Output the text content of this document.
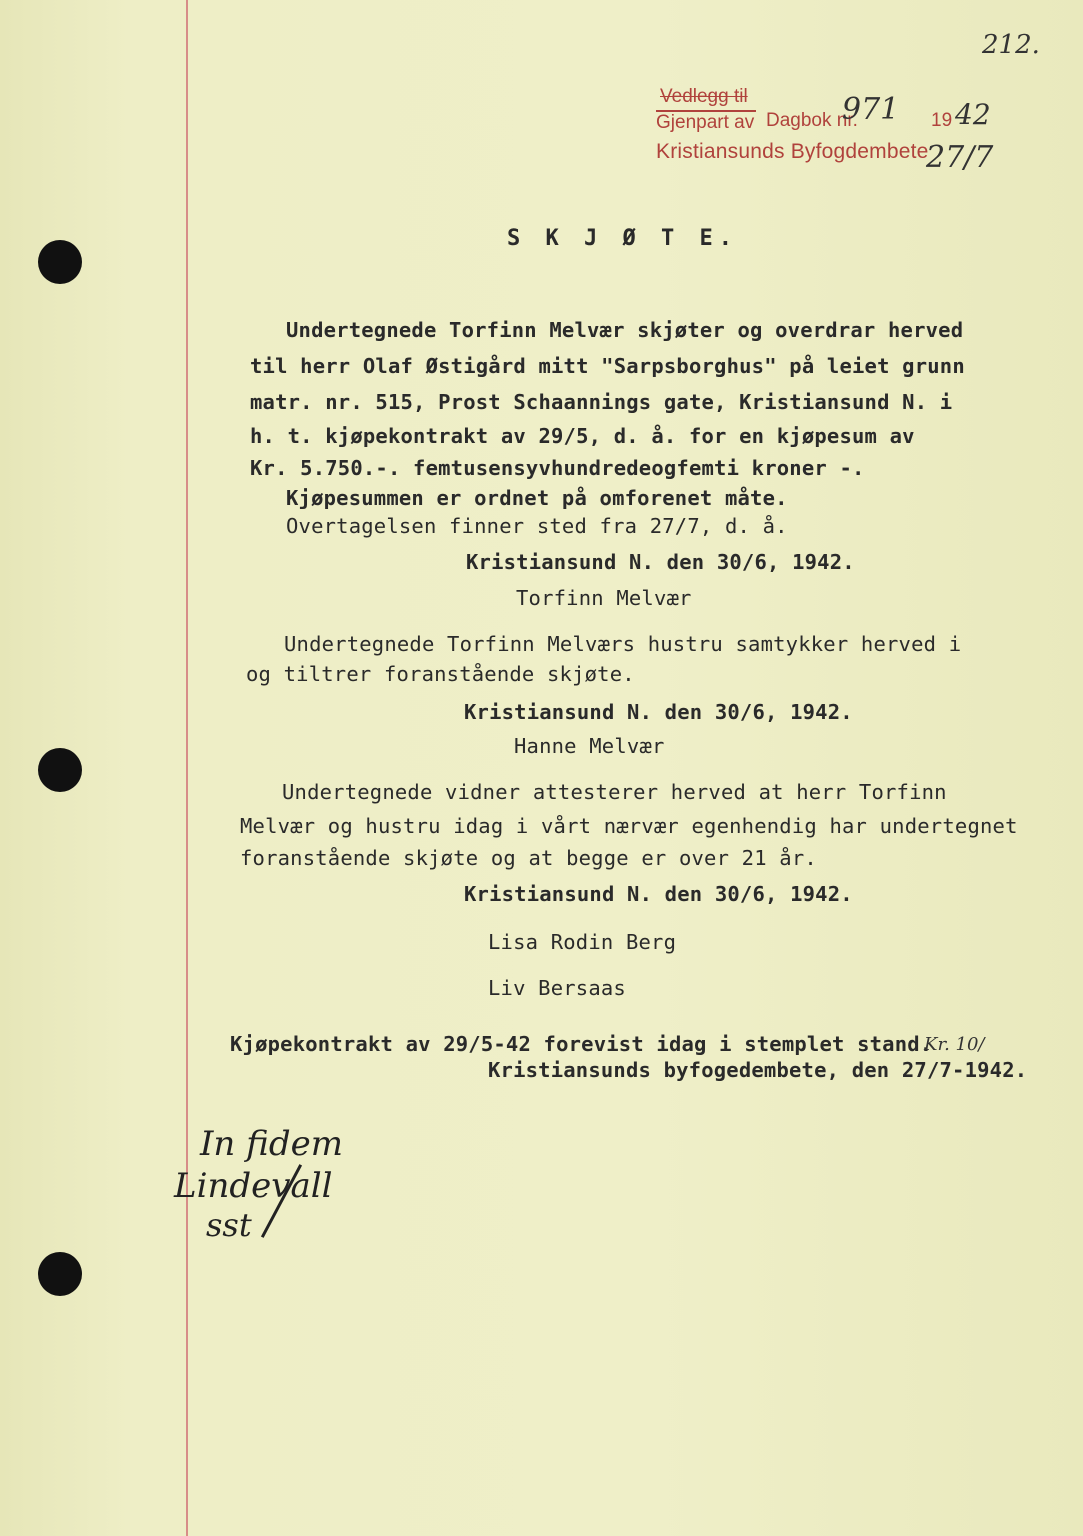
212.
Vedlegg til
Gjenpart av Dagbok nr.
971 19 42
Kristiansunds Byfogdembete
27/7
S K J Ø T E.
Undertegnede Torfinn Melvær skjøter og overdrar herved
til herr Olaf Østigård mitt "Sarpsborghus" på leiet grunn
matr. nr. 515, Prost Schaannings gate, Kristiansund N. i
h. t. kjøpekontrakt av 29/5, d. å. for en kjøpesum av
Kr. 5.750.-. femtusensyvhundredeogfemti kroner -.
Kjøpesummen er ordnet på omforenet måte.
Overtagelsen finner sted fra 27/7, d. å.
Kristiansund N. den 30/6, 1942.
Torfinn Melvær
Undertegnede Torfinn Melværs hustru samtykker herved i
og tiltrer foranstående skjøte.
Kristiansund N. den 30/6, 1942.
Hanne Melvær
Undertegnede vidner attesterer herved at herr Torfinn
Melvær og hustru idag i vårt nærvær egenhendig har undertegnet
foranstående skjøte og at begge er over 21 år.
Kristiansund N. den 30/6, 1942.
Lisa Rodin Berg
Liv Bersaas
Kjøpekontrakt av 29/5-42 forevist idag i stemplet stand.
Kr. 10/
Kristiansunds byfogedembete, den 27/7-1942.
In fidem
Lindevall
sst
